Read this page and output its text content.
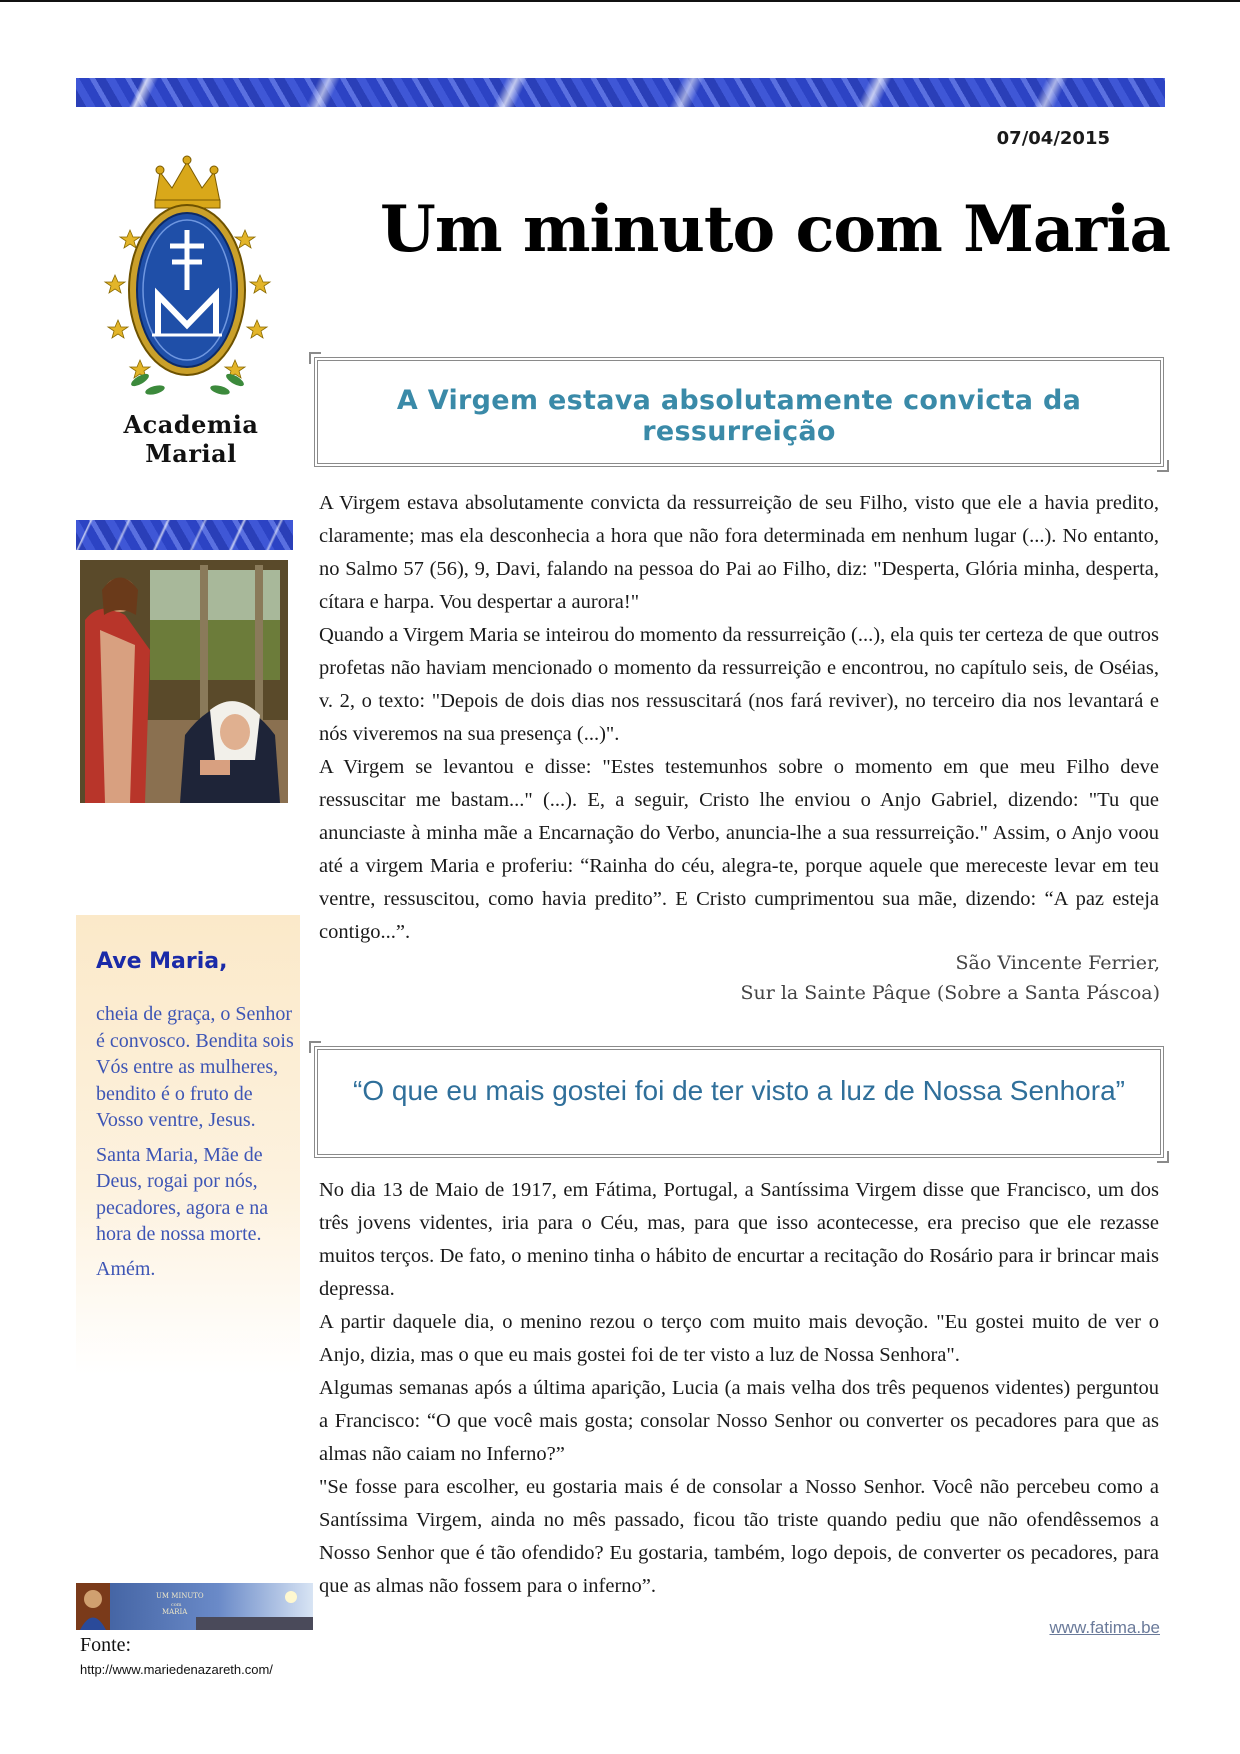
07/04/2015
Um minuto com Maria
Academia Marial
A Virgem estava absolutamente convicta da ressurreição

A Virgem estava absolutamente convicta da ressurreição de seu Filho, visto que ele a havia predito, claramente; mas ela desconhecia a hora que não fora determinada em nenhum lugar (...). No entanto, no Salmo 57 (56), 9, Davi, falando na pessoa do Pai ao Filho, diz: "Desperta, Glória minha, desperta, cítara e harpa. Vou despertar a aurora!"

Quando a Virgem Maria se inteirou do momento da ressurreição (...), ela quis ter certeza de que outros profetas não haviam mencionado o momento da ressurreição e encontrou, no capítulo seis, de Oséias, v. 2, o texto: "Depois de dois dias nos ressuscitará (nos fará reviver), no terceiro dia nos levantará e nós viveremos na sua presença (...)".

A Virgem se levantou e disse: "Estes testemunhos sobre o momento em que meu Filho deve ressuscitar me bastam..." (...). E, a seguir, Cristo lhe enviou o Anjo Gabriel, dizendo: "Tu que anunciaste à minha mãe a Encarnação do Verbo, anuncia-lhe a sua ressurreição." Assim, o Anjo voou até a virgem Maria e proferiu: “Rainha do céu, alegra-te, porque aquele que mereceste levar em teu ventre, ressuscitou, como havia predito”. E Cristo cumprimentou sua mãe, dizendo: “A paz esteja contigo...”.

São Vincente Ferrier,
Sur la Sainte Pâque (Sobre a Santa Páscoa)
“O que eu mais gostei foi de ter visto a luz de Nossa Senhora”

No dia 13 de Maio de 1917, em Fátima, Portugal, a Santíssima Virgem disse que Francisco, um dos três jovens videntes, iria para o Céu, mas, para que isso acontecesse, era preciso que ele rezasse muitos terços. De fato, o menino tinha o hábito de encurtar a recitação do Rosário para ir brincar mais depressa.

A partir daquele dia, o menino rezou o terço com muito mais devoção. "Eu gostei muito de ver o Anjo, dizia, mas o que eu mais gostei foi de ter visto a luz de Nossa Senhora".

Algumas semanas após a última aparição, Lucia (a mais velha dos três pequenos videntes) perguntou a Francisco: “O que você mais gosta; consolar Nosso Senhor ou converter os pecadores para que as almas não caiam no Inferno?”

"Se fosse para escolher, eu gostaria mais é de consolar a Nosso Senhor. Você não percebeu como a Santíssima Virgem, ainda no mês passado, ficou tão triste quando pediu que não ofendêssemos a Nosso Senhor que é tão ofendido? Eu gostaria, também, logo depois, de converter os pecadores, para que as almas não fossem para o inferno”.

Ave Maria,

cheia de graça, o Senhor é convosco. Bendita sois Vós entre as mulheres, bendito é o fruto de Vosso ventre, Jesus.

Santa Maria, Mãe de Deus, rogai por nós, pecadores, agora e na hora de nossa morte.

Amém.

UM MINUTO
com
MARIA
Fonte:
http://www.mariedenazareth.com/
www.fatima.be
